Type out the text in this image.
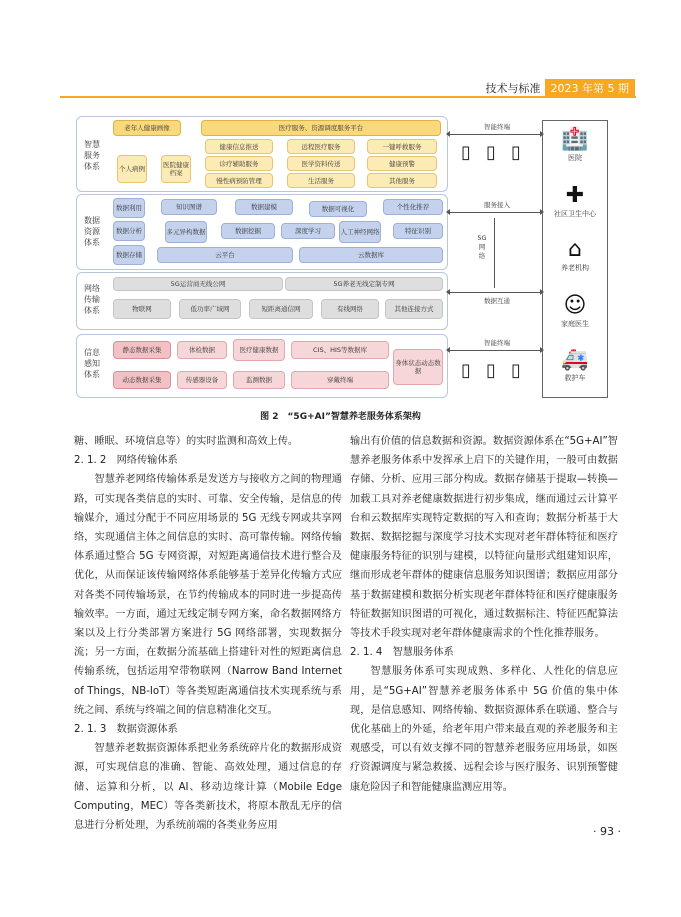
技术与标准 2023 年第 5 期
智慧服务体系
老年人健康画像	医疗服务、资源调度服务平台
个人病例	医院健康档案
健康信息推送	远程医疗服务	一键呼救服务
诊疗辅助服务	医学资料传送	健康预警
慢性病预防管理	生活服务	其他服务
数据资源体系
数据利用	知识图谱	数据建模	数据可视化	个性化推荐
数据分析	多元异构数据	数据挖掘	深度学习	人工神经网络	特征识别
数据存储	云平台	云数据库
网络传输体系
5G运营商无线公网	5G养老无线定制专网
物联网	低功率广域网	短距离通信网	有线网络	其他连接方式
信息感知体系
静态数据采集	体检数据	医疗健康数据	CIS、HIS等数据库
身体状态动态数据
动态数据采集	传感器设备	监测数据	穿戴终端
智能终端
▯ ▯ ▯
服务接入
5G网络
数据互通
智能终端
▯ ▯ ▯
🏥
医院
✚
社区卫生中心
⌂
养老机构
☺
家庭医生
🚑
救护车
图 2　“5G+AI”智慧养老服务体系架构

糖、睡眠、环境信息等）的实时监测和高效上传。

2. 1. 2　网络传输体系

智慧养老网络传输体系是发送方与接收方之间的物理通路，可实现各类信息的实时、可靠、安全传输，是信息的传输媒介，通过分配于不同应用场景的 5G 无线专网或共享网络，实现通信主体之间信息的实时、高可靠传输。网络传输体系通过整合 5G 专网资源，对短距离通信技术进行整合及优化，从而保证该传输网络体系能够基于差异化传输方式应对各类不同传输场景，在节约传输成本的同时进一步提高传输效率。一方面，通过无线定制专网方案，命名数据网络方案以及上行分类部署方案进行 5G 网络部署，实现数据分流；另一方面，在数据分流基础上搭建针对性的短距离信息传输系统，包括运用窄带物联网（Narrow Band Internet of Things，NB-IoT）等各类短距离通信技术实现系统与系统之间、系统与终端之间的信息精准化交互。

2. 1. 3　数据资源体系

智慧养老数据资源体系把业务系统碎片化的数据形成资源，可实现信息的准确、智能、高效处理，通过信息的存储、运算和分析，以 AI、移动边缘计算（Mobile Edge Computing，MEC）等各类新技术，将原本散乱无序的信息进行分析处理，为系统前端的各类业务应用

输出有价值的信息数据和资源。数据资源体系在“5G+AI”智慧养老服务体系中发挥承上启下的关键作用，一般可由数据存储、分析、应用三部分构成。数据存储基于提取—转换—加载工具对养老健康数据进行初步集成，继而通过云计算平台和云数据库实现特定数据的写入和查询；数据分析基于大数据、数据挖掘与深度学习技术实现对老年群体特征和医疗健康服务特征的识别与建模，以特征向量形式组建知识库，继而形成老年群体的健康信息服务知识图谱；数据应用部分基于数据建模和数据分析实现老年群体特征和医疗健康服务特征数据知识图谱的可视化，通过数据标注、特征匹配算法等技术手段实现对老年群体健康需求的个性化推荐服务。

2. 1. 4　智慧服务体系

智慧服务体系可实现成熟、多样化、人性化的信息应用，是“5G+AI”智慧养老服务体系中 5G 价值的集中体现，是信息感知、网络传输、数据资源体系在联通、整合与优化基础上的外延，给老年用户带来最直观的养老服务和主观感受，可以有效支撑不同的智慧养老服务应用场景，如医疗资源调度与紧急救援、远程会诊与医疗服务、识别预警健康危险因子和智能健康监测应用等。

· 93 ·
